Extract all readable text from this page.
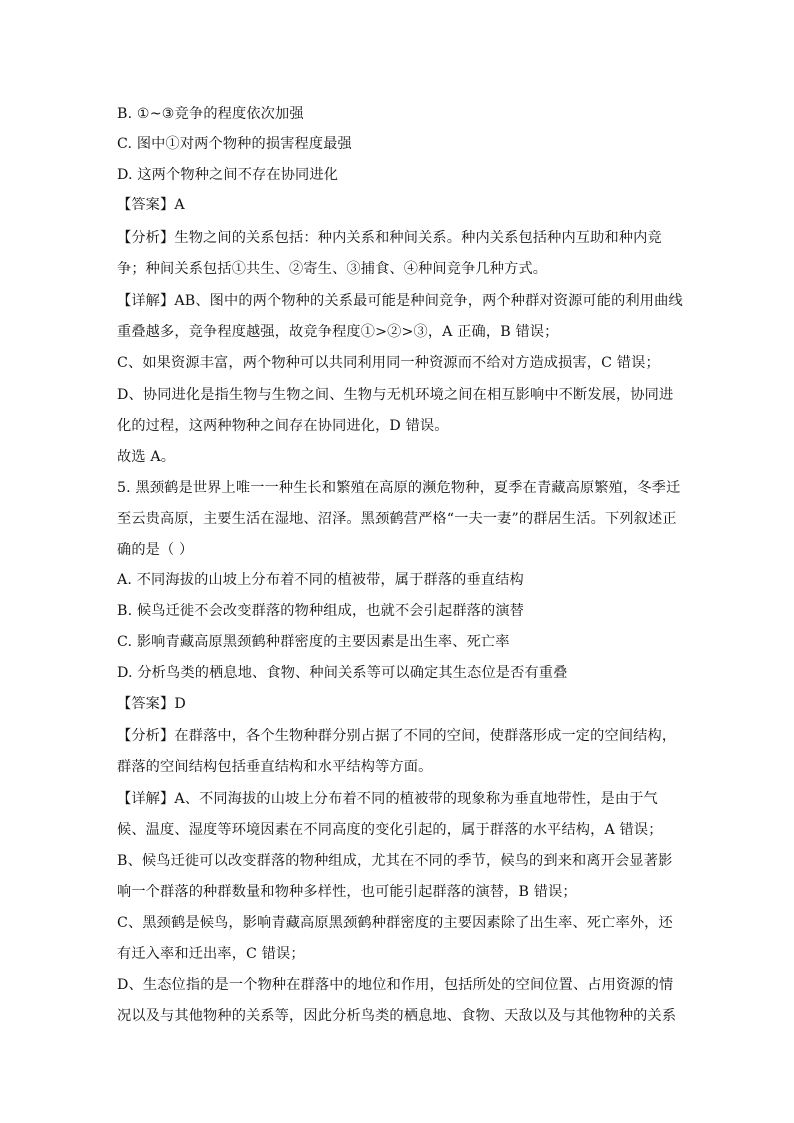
B. ①~③竞争的程度依次加强
C. 图中①对两个物种的损害程度最强
D. 这两个物种之间不存在协同进化
【答案】A
【分析】生物之间的关系包括：种内关系和种间关系。种内关系包括种内互助和种内竞
争；种间关系包括①共生、②寄生、③捕食、④种间竞争几种方式。
【详解】AB、图中的两个物种的关系最可能是种间竞争，两个种群对资源可能的利用曲线
重叠越多，竞争程度越强，故竞争程度①>②>③，A 正确，B 错误；
C、如果资源丰富，两个物种可以共同利用同一种资源而不给对方造成损害，C 错误；
D、协同进化是指生物与生物之间、生物与无机环境之间在相互影响中不断发展，协同进
化的过程，这两种物种之间存在协同进化，D 错误。
故选 A。
5. 黑颈鹤是世界上唯一一种生长和繁殖在高原的濒危物种，夏季在青藏高原繁殖，冬季迁
至云贵高原，主要生活在湿地、沼泽。黑颈鹤营严格“一夫一妻”的群居生活。下列叙述正
确的是（ ）
A. 不同海拔的山坡上分布着不同的植被带，属于群落的垂直结构
B. 候鸟迁徙不会改变群落的物种组成，也就不会引起群落的演替
C. 影响青藏高原黑颈鹤种群密度的主要因素是出生率、死亡率
D. 分析鸟类的栖息地、食物、种间关系等可以确定其生态位是否有重叠
【答案】D
【分析】在群落中，各个生物种群分别占据了不同的空间，使群落形成一定的空间结构，
群落的空间结构包括垂直结构和水平结构等方面。
【详解】A、不同海拔的山坡上分布着不同的植被带的现象称为垂直地带性，是由于气
候、温度、湿度等环境因素在不同高度的变化引起的，属于群落的水平结构，A 错误；
B、候鸟迁徙可以改变群落的物种组成，尤其在不同的季节，候鸟的到来和离开会显著影
响一个群落的种群数量和物种多样性，也可能引起群落的演替，B 错误；
C、黑颈鹤是候鸟，影响青藏高原黑颈鹤种群密度的主要因素除了出生率、死亡率外，还
有迁入率和迁出率，C 错误；
D、生态位指的是一个物种在群落中的地位和作用，包括所处的空间位置、占用资源的情
况以及与其他物种的关系等，因此分析鸟类的栖息地、食物、天敌以及与其他物种的关系
